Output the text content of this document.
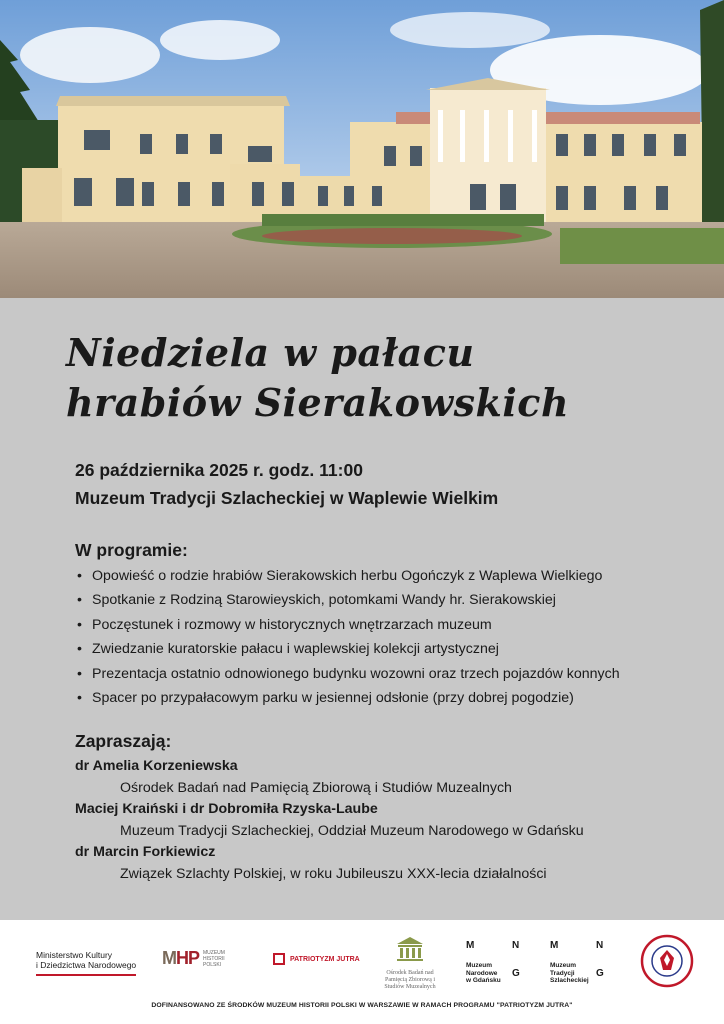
Niedziela w pałacu
hrabiów Sierakowskich
26 października 2025 r. godz. 11:00
Muzeum Tradycji Szlacheckiej w Waplewie Wielkim
W programie:
• Opowieść o rodzie hrabiów Sierakowskich herbu Ogończyk z Waplewa Wielkiego
• Spotkanie z Rodziną Starowieyskich, potomkami Wandy hr. Sierakowskiej
• Poczęstunek i rozmowy w historycznych wnętrzarzach muzeum
• Zwiedzanie kuratorskie pałacu i waplewskiej kolekcji artystycznej
• Prezentacja ostatnio odnowionego budynku wozowni oraz trzech pojazdów konnych
• Spacer po przypałacowym parku w jesiennej odsłonie (przy dobrej pogodzie)
Zapraszają:
dr Amelia Korzeniewska
Ośrodek Badań nad Pamięcią Zbiorową i Studiów Muzealnych
Maciej Kraiński i dr Dobromiła Rzyska-Laube
Muzeum Tradycji Szlacheckiej, Oddział Muzeum Narodowego w Gdańsku
dr Marcin Forkiewicz
Związek Szlachty Polskiej, w roku Jubileuszu XXX-lecia działalności
Ministerstwo Kultury
i Dziedzictwa Narodowego MHP MUZEUM
HISTORII
POLSKI
PATRIOTYZM JUTRA
Ośrodek Badań nad
Pamięcią Zbiorową i
Studiów Muzealnych
M	N
Muzeum
Narodowe	G
w Gdańsku
M	N
Muzeum
Tradycji	G
Szlacheckiej
DOFINANSOWANO ZE ŚRODKÓW MUZEUM HISTORII POLSKI W WARSZAWIE W RAMACH PROGRAMU "PATRIOTYZM JUTRA"
